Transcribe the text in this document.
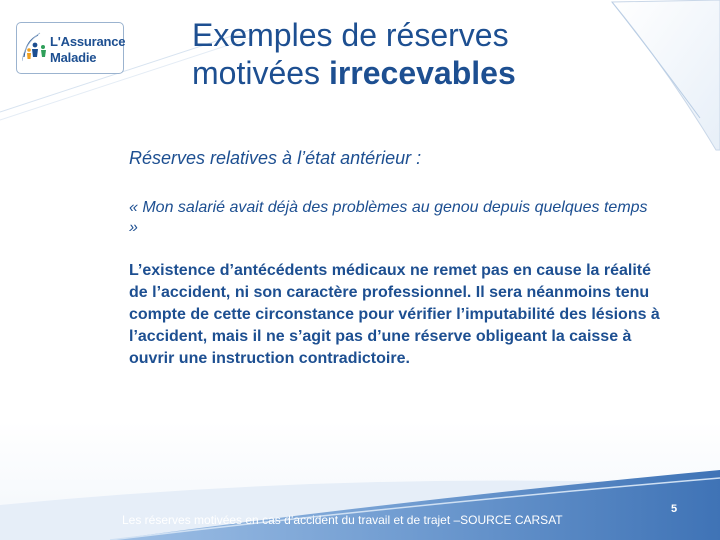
L'Assurance
Maladie
Exemples de réserves
motivées irrecevables
Réserves relatives à l’état antérieur :
« Mon salarié avait déjà des problèmes au genou depuis quelques temps »
L’existence d’antécédents médicaux ne remet pas en cause la réalité de l’accident, ni son caractère professionnel. Il sera néanmoins tenu compte de cette circonstance pour vérifier l’imputabilité des lésions à l’accident, mais il ne s’agit pas d’une réserve obligeant la caisse à ouvrir une instruction contradictoire.
Les réserves motivées en cas d’accident du travail et de trajet –SOURCE CARSAT
5
